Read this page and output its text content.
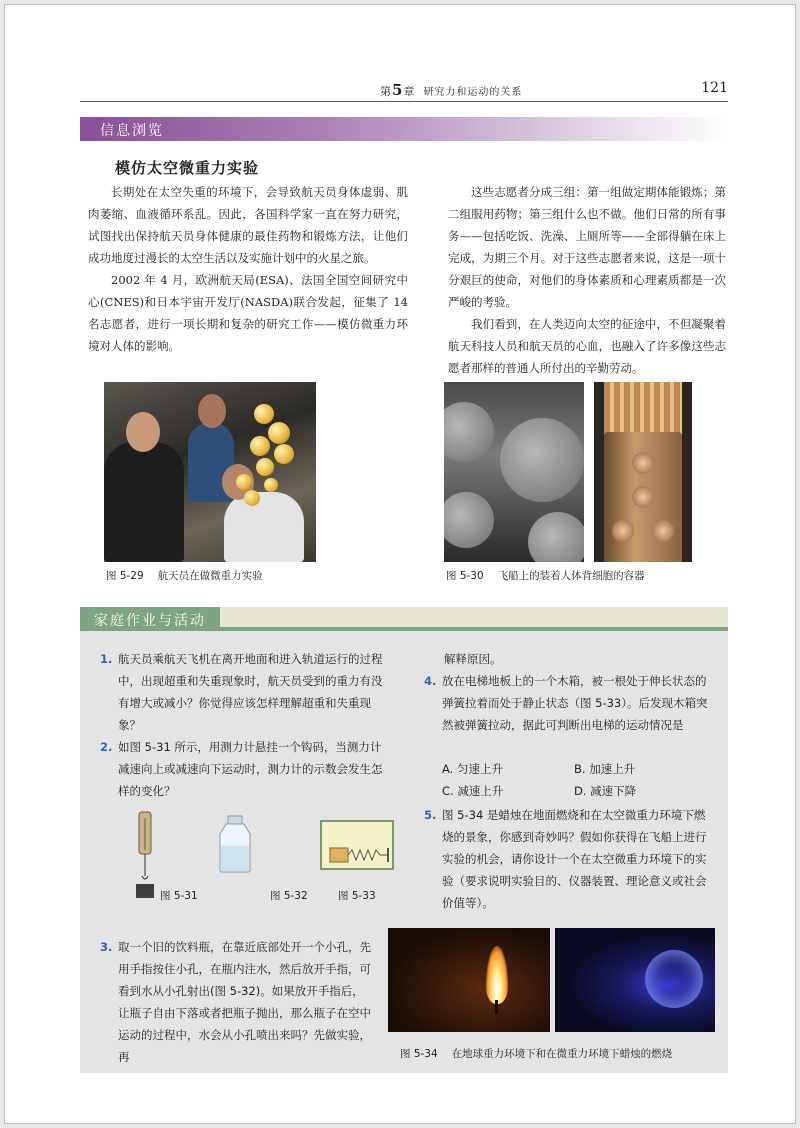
第5章 研究力和运动的关系	121
信息浏览
模仿太空微重力实验

长期处在太空失重的环境下，会导致航天员身体虚弱、肌肉萎缩、血液循环系乱。因此，各国科学家一直在努力研究，试图找出保持航天员身体健康的最佳药物和锻炼方法，让他们成功地度过漫长的太空生活以及实施计划中的火星之旅。

2002 年 4 月，欧洲航天局(ESA)、法国全国空间研究中心(CNES)和日本宇宙开发厅(NASDA)联合发起，征集了 14 名志愿者，进行一项长期和复杂的研究工作——模仿微重力环境对人体的影响。

这些志愿者分成三组：第一组做定期体能锻炼；第二组服用药物；第三组什么也不做。他们日常的所有事务——包括吃饭、洗澡、上厕所等——全部得躺在床上完成，为期三个月。对于这些志愿者来说，这是一项十分艰巨的使命，对他们的身体素质和心理素质都是一次严峻的考验。

我们看到，在人类迈向太空的征途中，不但凝聚着航天科技人员和航天员的心血，也融入了许多像这些志愿者那样的普通人所付出的辛勤劳动。

图 5-29 航天员在做微重力实验	图 5-30 飞船上的装着人体背细胞的容器
家庭作业与活动
1. 航天员乘航天飞机在离开地面和进入轨道运行的过程中，出现超重和失重现象时，航天员受到的重力有没有增大或减小？你觉得应该怎样理解超重和失重现象？
2. 如图 5-31 所示，用测力计悬挂一个钩码，当测力计减速向上或减速向下运动时，测力计的示数会发生怎样的变化？
图 5-31	图 5-32	图 5-33
3. 取一个旧的饮料瓶，在靠近底部处开一个小孔，先用手指按住小孔，在瓶内注水，然后放开手指，可看到水从小孔射出(图 5-32)。如果放开手指后，让瓶子自由下落或者把瓶子抛出，那么瓶子在空中运动的过程中，水会从小孔喷出来吗？先做实验，再
解释原因。
4. 放在电梯地板上的一个木箱，被一根处于伸长状态的弹簧拉着而处于静止状态（图 5-33）。后发现木箱突然被弹簧拉动，据此可判断出电梯的运动情况是
A. 匀速上升	B. 加速上升
C. 减速上升	D. 减速下降
5. 图 5-34 是蜡烛在地面燃烧和在太空微重力环境下燃烧的景象，你感到奇妙吗？假如你获得在飞船上进行实验的机会，请你设计一个在太空微重力环境下的实验（要求说明实验目的、仪器装置、理论意义或社会价值等）。
图 5-34 在地球重力环境下和在微重力环境下蜡烛的燃烧
